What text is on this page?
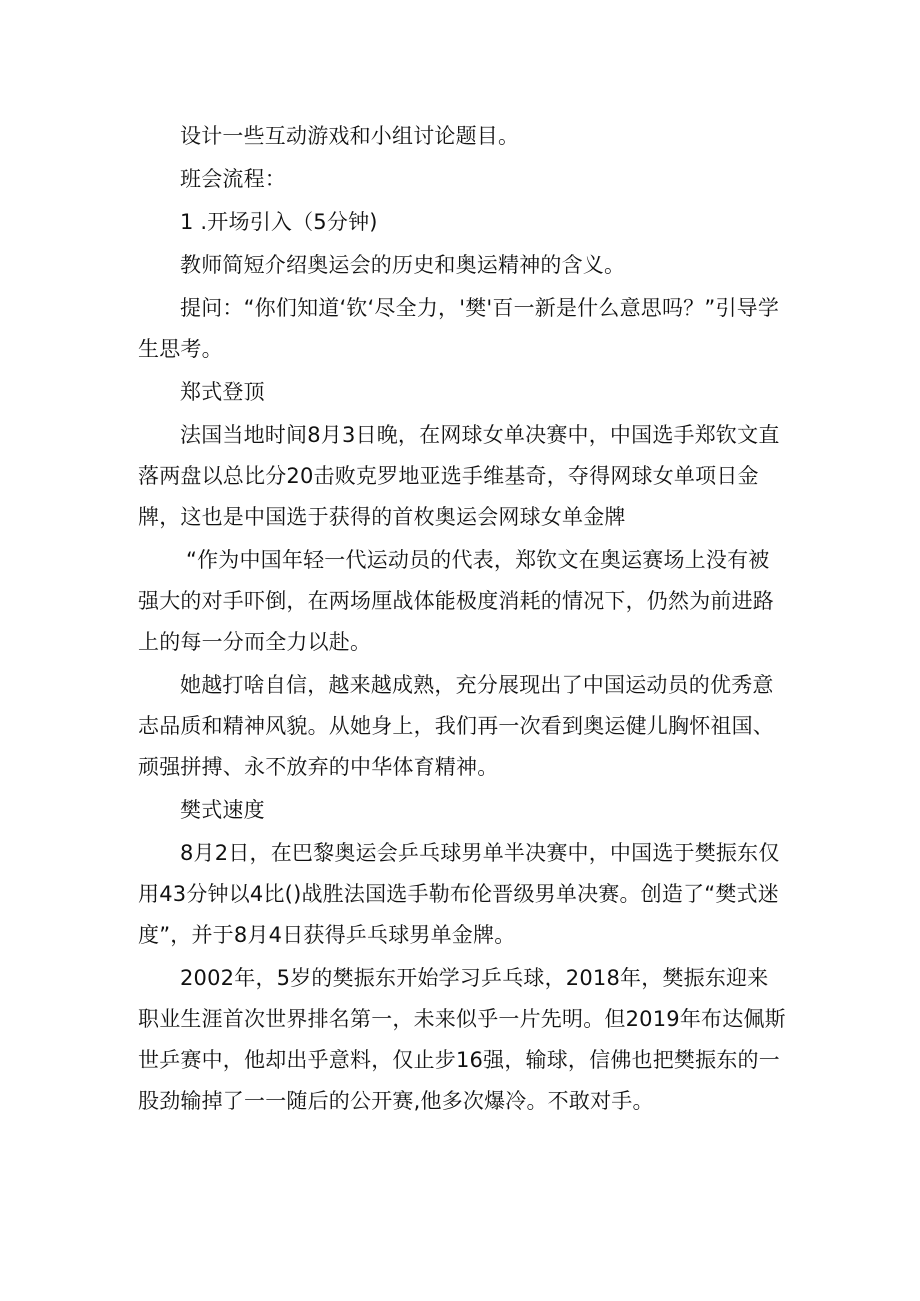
设计一些互动游戏和小组讨论题目。

班会流程：

1 .开场引入（5分钟)

教师简短介绍奥运会的历史和奥运精神的含义。

提问：“你们知道‘钦‘尽全力，'樊'百一新是什么意思吗？”引导学生思考。

郑式登顶

法国当地时间8月3日晚，在网球女单决赛中，中国选手郑钦文直落两盘以总比分20击败克罗地亚选手维基奇，夺得网球女单项日金牌，这也是中国选于获得的首枚奥运会网球女单金牌

“作为中国年轻一代运动员的代表，郑钦文在奥运赛场上没有被强大的对手吓倒，在两场厘战体能极度消耗的情况下，仍然为前进路上的每一分而全力以赴。

她越打啥自信，越来越成熟，充分展现出了中国运动员的优秀意志品质和精神风貌。从她身上，我们再一次看到奥运健儿胸怀祖国、顽强拼搏、永不放弃的中华体育精神。

樊式速度

8月2日，在巴黎奥运会乒乓球男单半决赛中，中国选于樊振东仅用43分钟以4比()战胜法国选手勒布伦晋级男单决赛。创造了“樊式迷度”，并于8月4日获得乒乓球男单金牌。

2002年，5岁的樊振东开始学习乒乓球，2018年，樊振东迎来职业生涯首次世界排名第一，未来似乎一片先明。但2019年布达佩斯世乒赛中，他却出乎意料，仅止步16强，输球，信佛也把樊振东的一股劲输掉了一一随后的公开赛,他多次爆冷。不敢对手。
